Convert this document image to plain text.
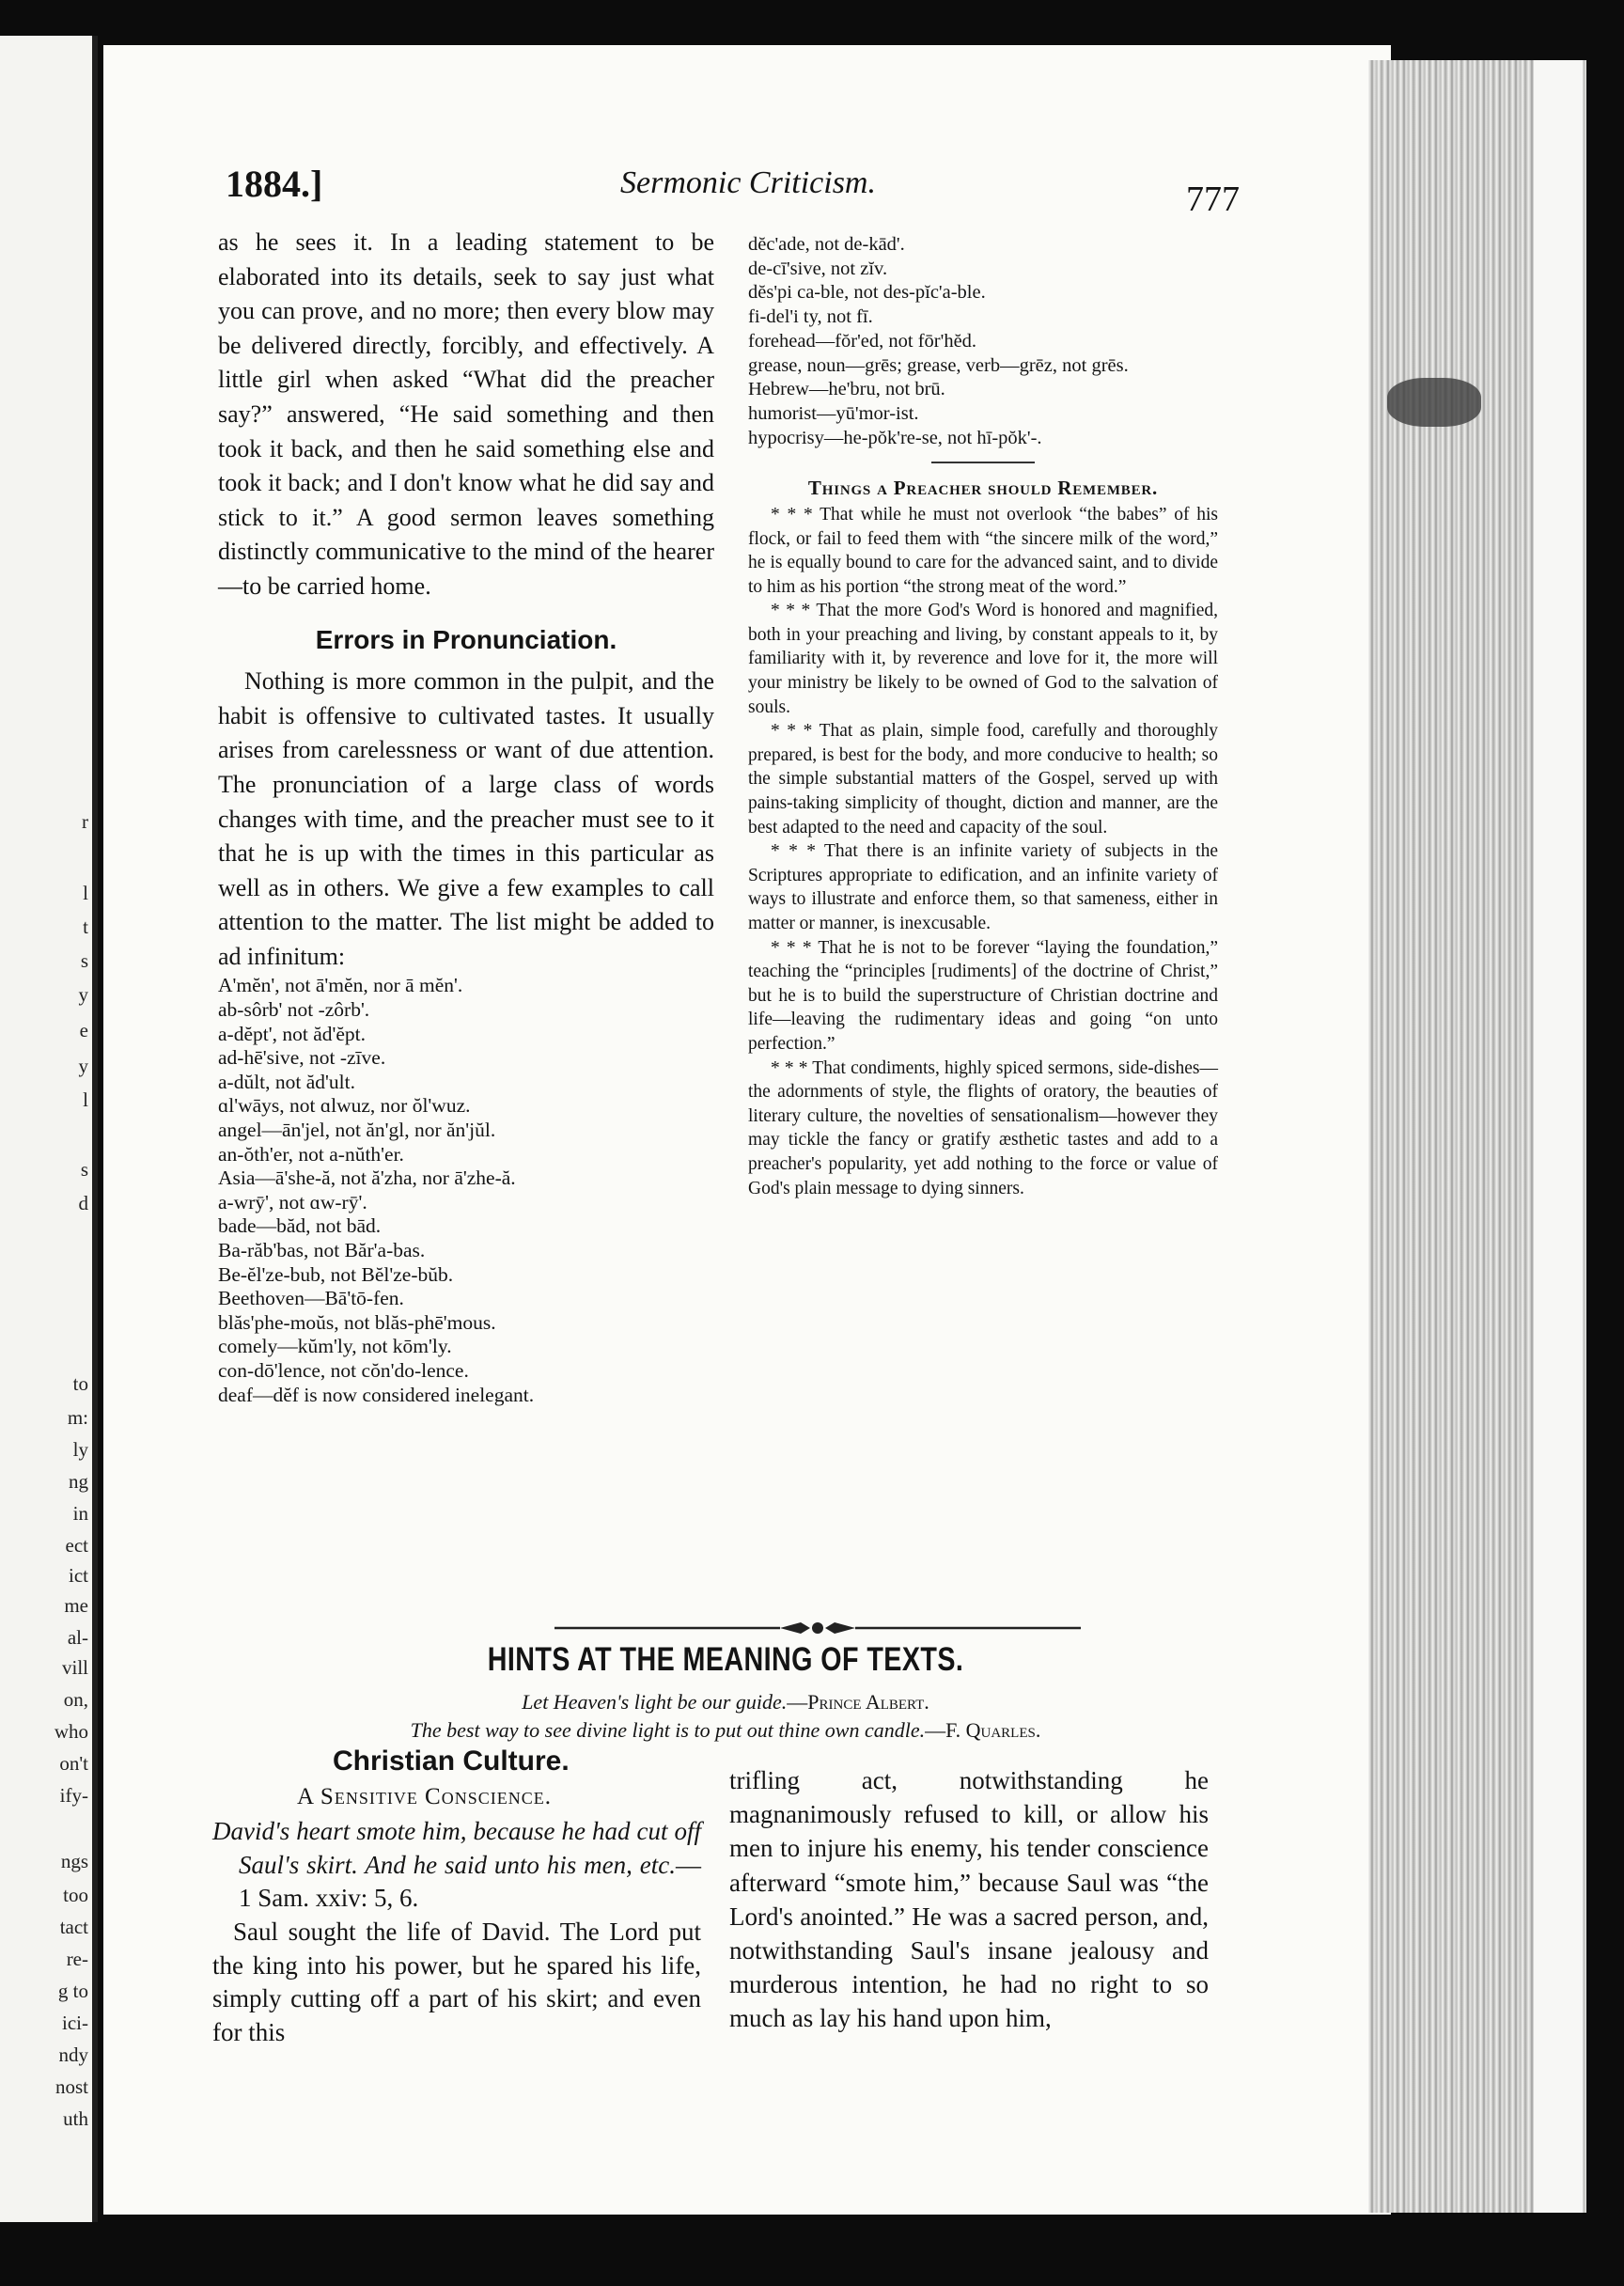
r
l
t
s
y
e
y
l
s
d
to
m:
ly
ng
in
ect
ict
me
al-
vill
on,
who
on't
ify-
ngs
too
tact
re-
g to
ici-
ndy
nost
uth
1884.]	Sermonic Criticism.	777

as he sees it. In a leading statement to be elaborated into its details, seek to say just what you can prove, and no more; then every blow may be delivered directly, forcibly, and effectively. A little girl when asked “What did the preacher say?” answered, “He said something and then took it back, and then he said something else and took it back; and I don't know what he did say and stick to it.” A good sermon leaves something distinctly communicative to the mind of the hearer—to be carried home.

Errors in Pronunciation.

Nothing is more common in the pulpit, and the habit is offensive to cultivated tastes. It usually arises from carelessness or want of due attention. The pronunciation of a large class of words changes with time, and the preacher must see to it that he is up with the times in this particular as well as in others. We give a few examples to call attention to the matter. The list might be added to ad infinitum:

A'mĕn', not ā'mĕn, nor ā mĕn'.

ab-sôrb' not -zôrb'.

a-dĕpt', not ăd'ĕpt.

ad-hē'sive, not -zīve.

a-dŭlt, not ăd'ult.

ɑl'wāys, not ɑlwuz, nor ŏl'wuz.

angel—ān'jel, not ăn'gl, nor ăn'jŭl.

an-ŏth'er, not a-nŭth'er.

Asia—ā'she-ă, not ă'zha, nor ā'zhe-ă.

a-wrȳ', not ɑw-rȳ'.

bade—băd, not bād.

Ba-răb'bas, not Băr'a-bas.

Be-ĕl'ze-bub, not Bĕl'ze-bŭb.

Beethoven—Bā'tō-fen.

blăs'phe-moŭs, not blăs-phē'mous.

comely—kŭm'ly, not kōm'ly.

con-dō'lence, not cŏn'do-lence.

deaf—dĕf is now considered inelegant.

dĕc'ade, not de-kād'.

de-cī'sive, not zĭv.

dĕs'pi ca-ble, not des-pĭc'a-ble.

fi-del'i ty, not fī.

forehead—fŏr'ed, not fōr'hĕd.

grease, noun—grēs; grease, verb—grēz, not grēs.

Hebrew—he'bru, not brū.

humorist—yū'mor-ist.

hypocrisy—he-pŏk're-se, not hī-pŏk'-.

Things a Preacher should Remember.

* * * That while he must not overlook “the babes” of his flock, or fail to feed them with “the sincere milk of the word,” he is equally bound to care for the advanced saint, and to divide to him as his portion “the strong meat of the word.”

* * * That the more God's Word is honored and magnified, both in your preaching and living, by constant appeals to it, by familiarity with it, by reverence and love for it, the more will your ministry be likely to be owned of God to the salvation of souls.

* * * That as plain, simple food, carefully and thoroughly prepared, is best for the body, and more conducive to health; so the simple substantial matters of the Gospel, served up with pains-taking simplicity of thought, diction and manner, are the best adapted to the need and capacity of the soul.

* * * That there is an infinite variety of subjects in the Scriptures appropriate to edification, and an infinite variety of ways to illustrate and enforce them, so that sameness, either in matter or manner, is inexcusable.

* * * That he is not to be forever “laying the foundation,” teaching the “principles [rudiments] of the doctrine of Christ,” but he is to build the superstructure of Christian doctrine and life—leaving the rudimentary ideas and going “on unto perfection.”

* * * That condiments, highly spiced sermons, side-dishes—the adornments of style, the flights of oratory, the beauties of literary culture, the novelties of sensationalism—however they may tickle the fancy or gratify æsthetic tastes and add to a preacher's popularity, yet add nothing to the force or value of God's plain message to dying sinners.

HINTS AT THE MEANING OF TEXTS.
Let Heaven's light be our guide.—Prince Albert.
The best way to see divine light is to put out thine own candle.—F. Quarles.
Christian Culture.
A Sensitive Conscience.

David's heart smote him, because he had cut off Saul's skirt. And he said unto his men, etc.—1 Sam. xxiv: 5, 6.

Saul sought the life of David. The Lord put the king into his power, but he spared his life, simply cutting off a part of his skirt; and even for this

trifling act, notwithstanding he magnanimously refused to kill, or allow his men to injure his enemy, his tender conscience afterward “smote him,” because Saul was “the Lord's anointed.” He was a sacred person, and, notwithstanding Saul's insane jealousy and murderous intention, he had no right to so much as lay his hand upon him,
